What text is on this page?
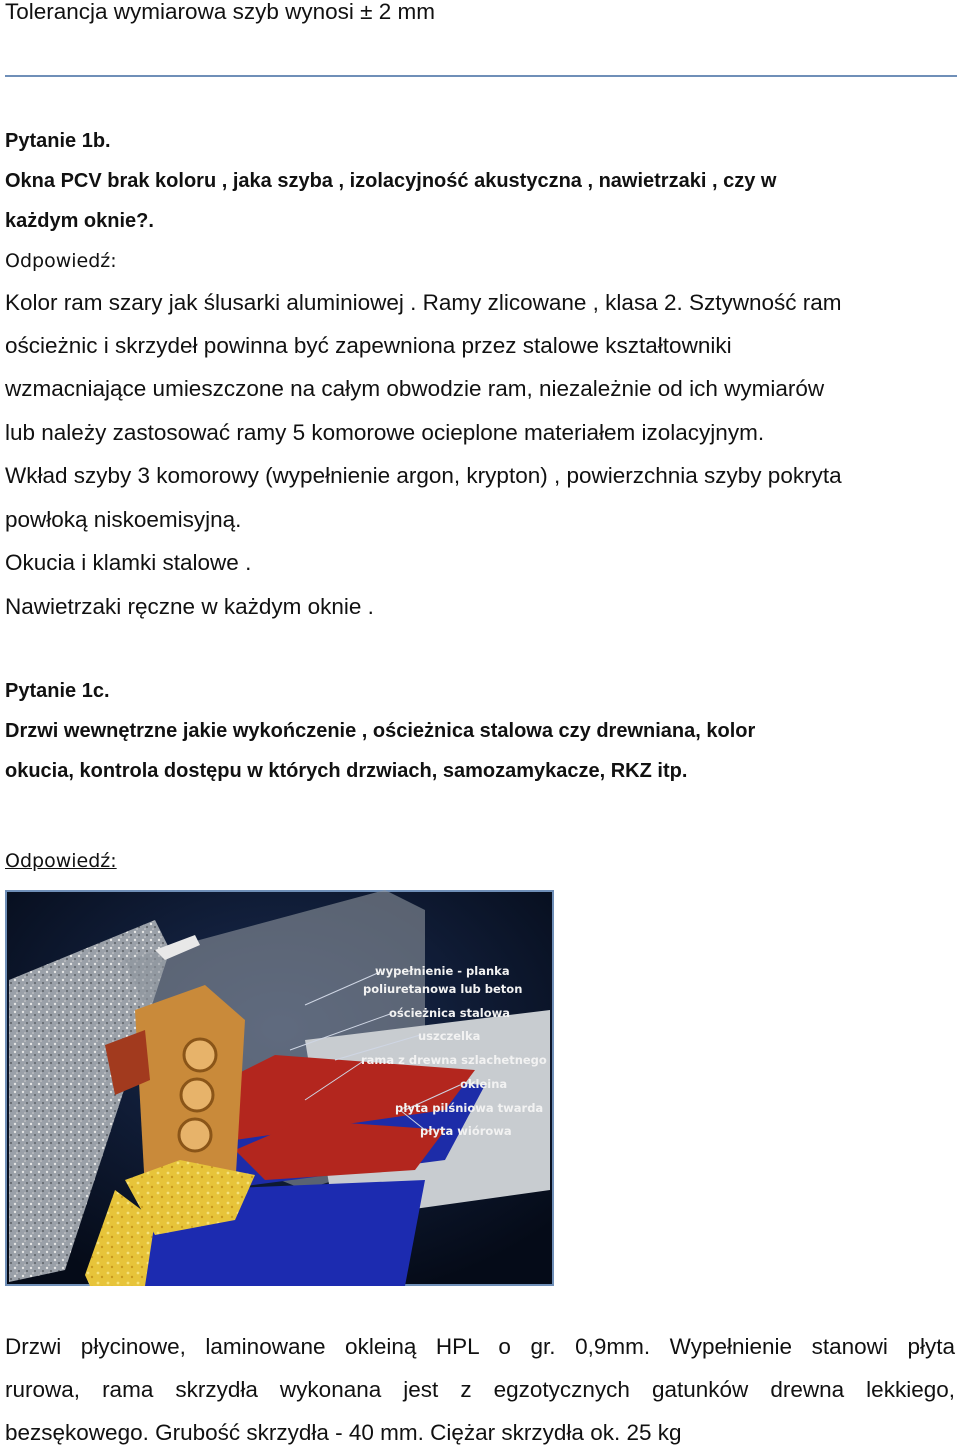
Tolerancja wymiarowa szyb wynosi ± 2 mm
Pytanie 1b.
Okna PCV brak koloru , jaka szyba , izolacyjność akustyczna , nawietrzaki , czy w
każdym oknie?.
Odpowiedź:
Kolor ram szary jak ślusarki aluminiowej . Ramy zlicowane , klasa 2. Sztywność ram
ościeżnic i skrzydeł powinna być zapewniona przez stalowe kształtowniki
wzmacniające umieszczone na całym obwodzie ram, niezależnie od ich wymiarów
lub należy zastosować ramy 5 komorowe ocieplone materiałem izolacyjnym.
Wkład szyby 3 komorowy (wypełnienie argon, krypton) , powierzchnia szyby pokryta
powłoką niskoemisyjną.
Okucia i klamki stalowe .
Nawietrzaki ręczne w każdym oknie .
Pytanie 1c.
Drzwi wewnętrzne jakie wykończenie , ościeżnica stalowa czy drewniana, kolor
okucia, kontrola dostępu w których drzwiach, samozamykacze, RKZ itp.
Odpowiedź:
wypełnienie - planka
poliuretanowa lub beton
ościeżnica stalowa
uszczelka
rama z drewna szlachetnego
okleina
płyta pilśniowa twarda
płyta wiórowa
Drzwi płycinowe, laminowane okleiną HPL o gr. 0,9mm. Wypełnienie stanowi płyta
rurowa, rama skrzydła wykonana jest z egzotycznych gatunków drewna lekkiego,
bezsękowego. Grubość skrzydła - 40 mm. Ciężar skrzydła ok. 25 kg
